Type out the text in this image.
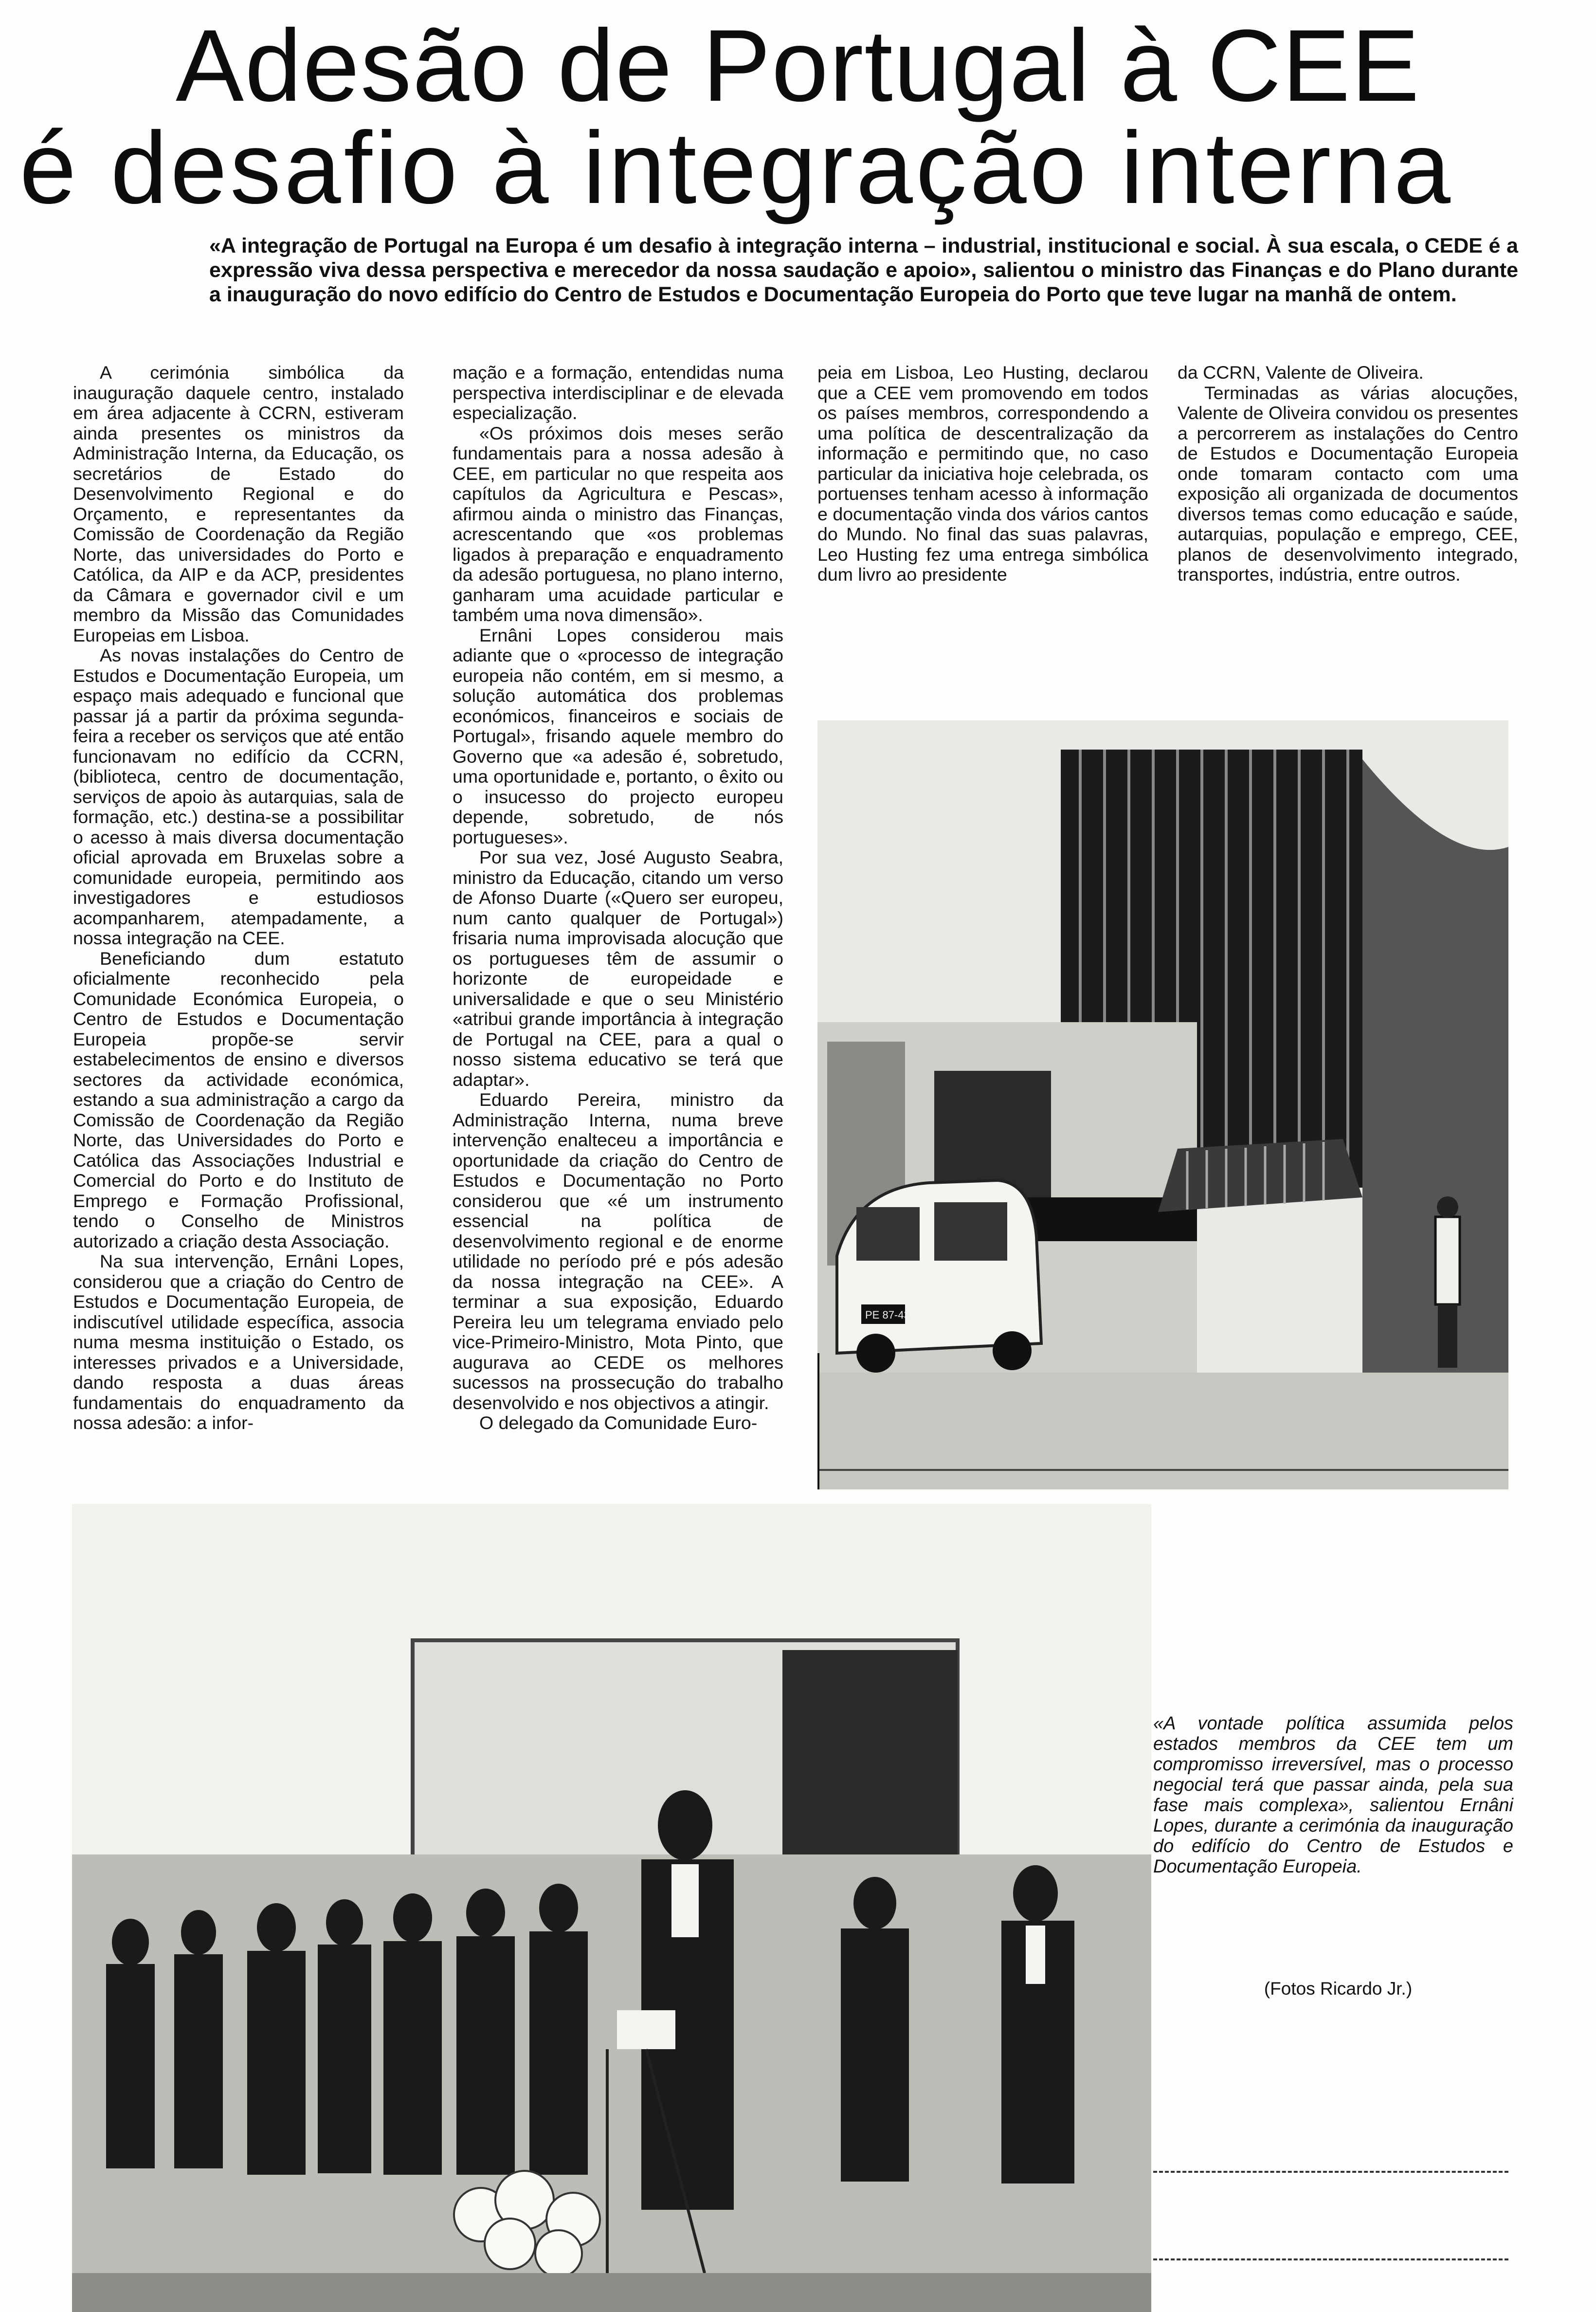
Adesão de Portugal à CEE
é desafio à integração interna

«A integração de Portugal na Europa é um desafio à integração interna – industrial, institucional e social. À sua escala, o CEDE é a expressão viva dessa perspectiva e merecedor da nossa saudação e apoio», salientou o ministro das Finanças e do Plano durante a inauguração do novo edifício do Centro de Estudos e Documentação Europeia do Porto que teve lugar na manhã de ontem.

A cerimónia simbólica da inauguração daquele centro, instalado em área adjacente à CCRN, estiveram ainda presentes os ministros da Administração Interna, da Educação, os secretários de Estado do Desenvolvimento Regional e do Orçamento, e representantes da Comissão de Coordenação da Região Norte, das universidades do Porto e Católica, da AIP e da ACP, presidentes da Câmara e governador civil e um membro da Missão das Comunidades Europeias em Lisboa.

As novas instalações do Centro de Estudos e Documentação Europeia, um espaço mais adequado e funcional que passar já a partir da próxima segunda-feira a receber os serviços que até então funcionavam no edifício da CCRN, (biblioteca, centro de documentação, serviços de apoio às autarquias, sala de formação, etc.) destina-se a possibilitar o acesso à mais diversa documentação oficial aprovada em Bruxelas sobre a comunidade europeia, permitindo aos investigadores e estudiosos acompanharem, atempadamente, a nossa integração na CEE.

Beneficiando dum estatuto oficialmente reconhecido pela Comunidade Económica Europeia, o Centro de Estudos e Documentação Europeia propõe-se servir estabelecimentos de ensino e diversos sectores da actividade económica, estando a sua administração a cargo da Comissão de Coordenação da Região Norte, das Universidades do Porto e Católica das Associações Industrial e Comercial do Porto e do Instituto de Emprego e Formação Profissional, tendo o Conselho de Ministros autorizado a criação desta Associação.

Na sua intervenção, Ernâni Lopes, considerou que a criação do Centro de Estudos e Documentação Europeia, de indiscutível utilidade específica, associa numa mesma instituição o Estado, os interesses privados e a Universidade, dando resposta a duas áreas fundamentais do enquadramento da nossa adesão: a infor-

mação e a formação, entendidas numa perspectiva interdisciplinar e de elevada especialização.

«Os próximos dois meses serão fundamentais para a nossa adesão à CEE, em particular no que respeita aos capítulos da Agricultura e Pescas», afirmou ainda o ministro das Finanças, acrescentando que «os problemas ligados à preparação e enquadramento da adesão portuguesa, no plano interno, ganharam uma acuidade particular e também uma nova dimensão».

Ernâni Lopes considerou mais adiante que o «processo de integração europeia não contém, em si mesmo, a solução automática dos problemas económicos, financeiros e sociais de Portugal», frisando aquele membro do Governo que «a adesão é, sobretudo, uma oportunidade e, portanto, o êxito ou o insucesso do projecto europeu depende, sobretudo, de nós portugueses».

Por sua vez, José Augusto Seabra, ministro da Educação, citando um verso de Afonso Duarte («Quero ser europeu, num canto qualquer de Portugal») frisaria numa improvisada alocução que os portugueses têm de assumir o horizonte de europeidade e universalidade e que o seu Ministério «atribui grande importância à integração de Portugal na CEE, para a qual o nosso sistema educativo se terá que adaptar».

Eduardo Pereira, ministro da Administração Interna, numa breve intervenção enalteceu a importância e oportunidade da criação do Centro de Estudos e Documentação no Porto considerou que «é um instrumento essencial na política de desenvolvimento regional e de enorme utilidade no período pré e pós adesão da nossa integração na CEE». A terminar a sua exposição, Eduardo Pereira leu um telegrama enviado pelo vice-Primeiro-Ministro, Mota Pinto, que augurava ao CEDE os melhores sucessos na prossecução do trabalho desenvolvido e nos objectivos a atingir.

O delegado da Comunidade Euro-

peia em Lisboa, Leo Husting, declarou que a CEE vem promovendo em todos os países membros, correspondendo a uma política de descentralização da informação e permitindo que, no caso particular da iniciativa hoje celebrada, os portuenses tenham acesso à informação e documentação vinda dos vários cantos do Mundo. No final das suas palavras, Leo Husting fez uma entrega simbólica dum livro ao presidente

da CCRN, Valente de Oliveira.

Terminadas as várias alocuções, Valente de Oliveira convidou os presentes a percorrerem as instalações do Centro de Estudos e Documentação Europeia onde tomaram contacto com uma exposição ali organizada de documentos diversos temas como educação e saúde, autarquias, população e emprego, CEE, planos de desenvolvimento integrado, transportes, indústria, entre outros.

PE 87-43

«A vontade política assumida pelos estados membros da CEE tem um compromisso irreversível, mas o processo negocial terá que passar ainda, pela sua fase mais complexa», salientou Ernâni Lopes, durante a cerimónia da inauguração do edifício do Centro de Estudos e Documentação Europeia.

(Fotos Ricardo Jr.)
